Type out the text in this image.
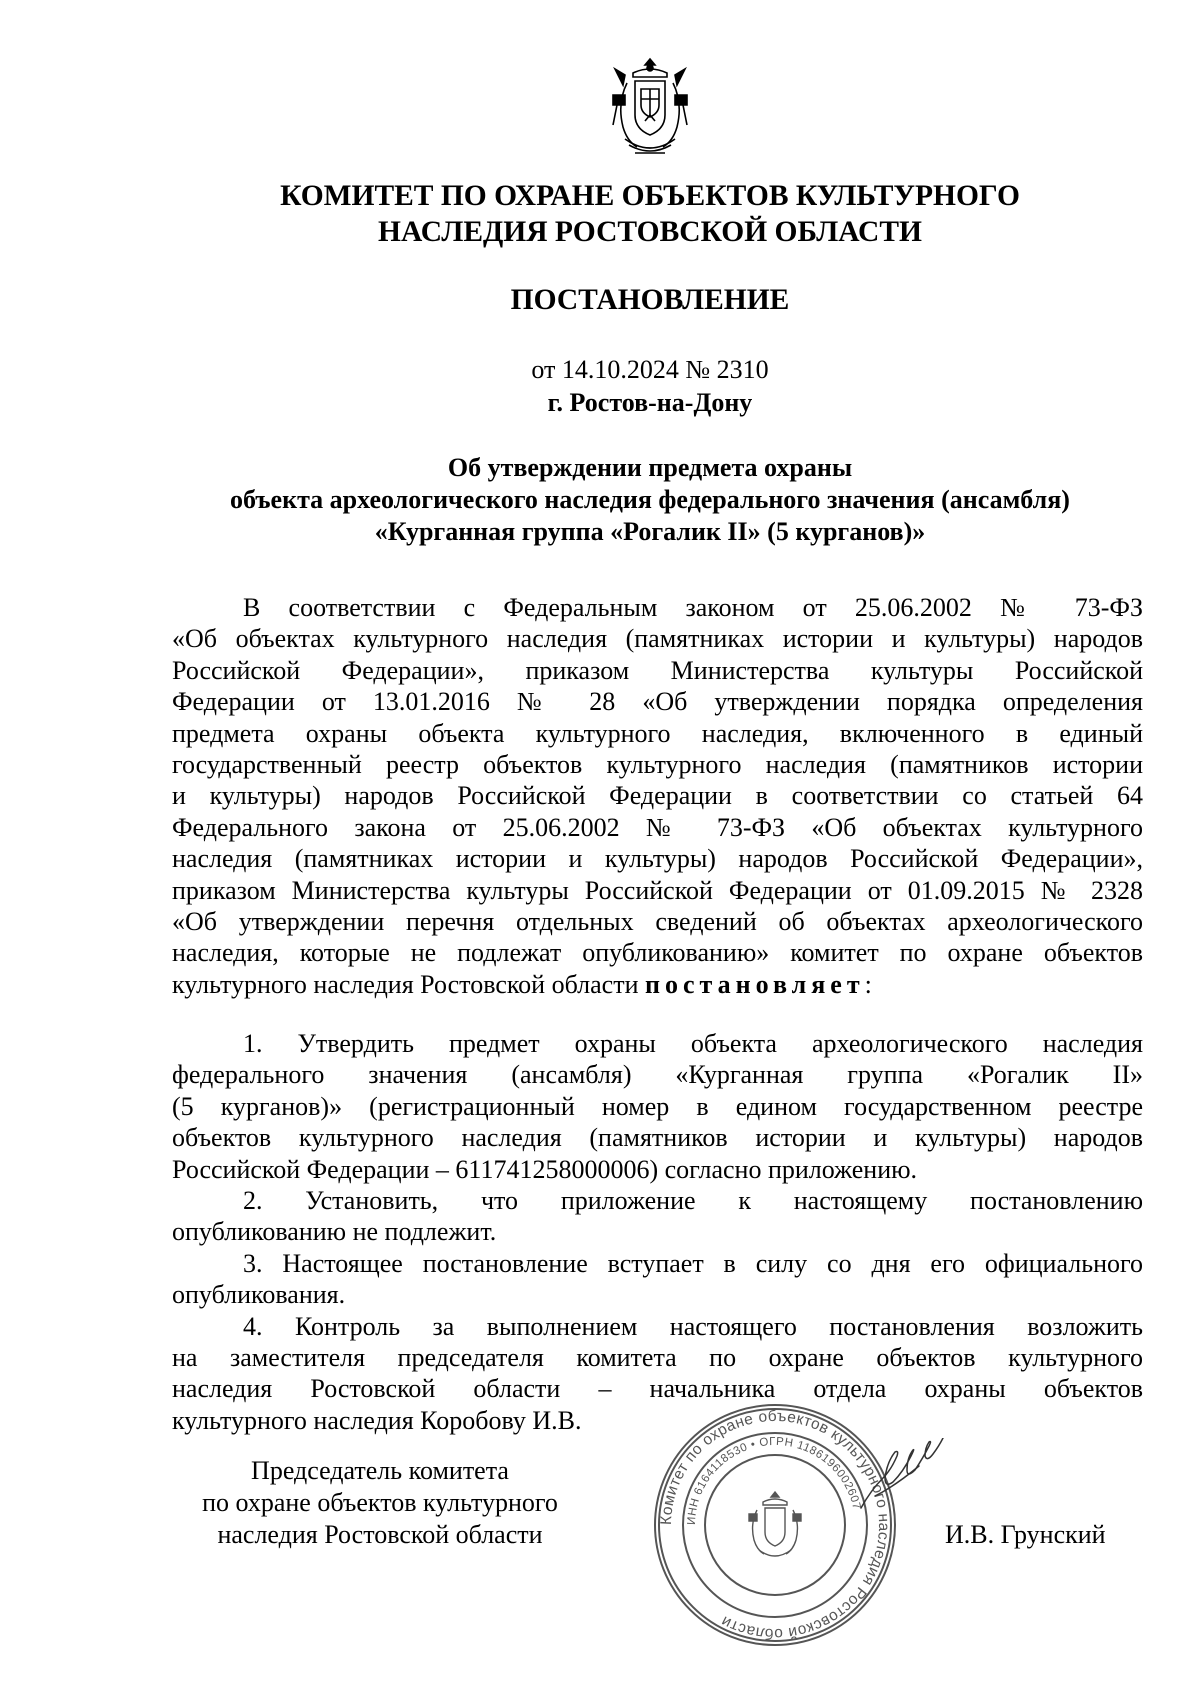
КОМИТЕТ ПО ОХРАНЕ ОБЪЕКТОВ КУЛЬТУРНОГО
НАСЛЕДИЯ РОСТОВСКОЙ ОБЛАСТИ
ПОСТАНОВЛЕНИЕ
от 14.10.2024 № 2310
г. Ростов-на-Дону
Об утверждении предмета охраны
объекта археологического наследия федерального значения (ансамбля)
«Курганная группа «Рогалик II» (5 курганов)»
В соответствии с Федеральным законом от 25.06.2002 № 73-ФЗ
«Об объектах культурного наследия (памятниках истории и культуры) народов
Российской Федерации», приказом Министерства культуры Российской
Федерации от 13.01.2016 № 28 «Об утверждении порядка определения
предмета охраны объекта культурного наследия, включенного в единый
государственный реестр объектов культурного наследия (памятников истории
и культуры) народов Российской Федерации в соответствии со статьей 64
Федерального закона от 25.06.2002 № 73-ФЗ «Об объектах культурного
наследия (памятниках истории и культуры) народов Российской Федерации»,
приказом Министерства культуры Российской Федерации от 01.09.2015 № 2328
«Об утверждении перечня отдельных сведений об объектах археологического
наследия, которые не подлежат опубликованию» комитет по охране объектов
культурного наследия Ростовской области постановляет:
1. Утвердить предмет охраны объекта археологического наследия
федерального значения (ансамбля) «Курганная группа «Рогалик II»
(5 курганов)» (регистрационный номер в едином государственном реестре
объектов культурного наследия (памятников истории и культуры) народов
Российской Федерации – 611741258000006) согласно приложению.
2. Установить, что приложение к настоящему постановлению
опубликованию не подлежит.
3. Настоящее постановление вступает в силу со дня его официального
опубликования.
4. Контроль за выполнением настоящего постановления возложить
на заместителя председателя комитета по охране объектов культурного
наследия Ростовской области – начальника отдела охраны объектов
культурного наследия Коробову И.В.
Комитет по охране объектов культурного наследия Ростовской области
ИНН 6164118530 • ОГРН 1186196002607
Председатель комитета
по охране объектов культурного
наследия Ростовской области	И.В. Грунский
